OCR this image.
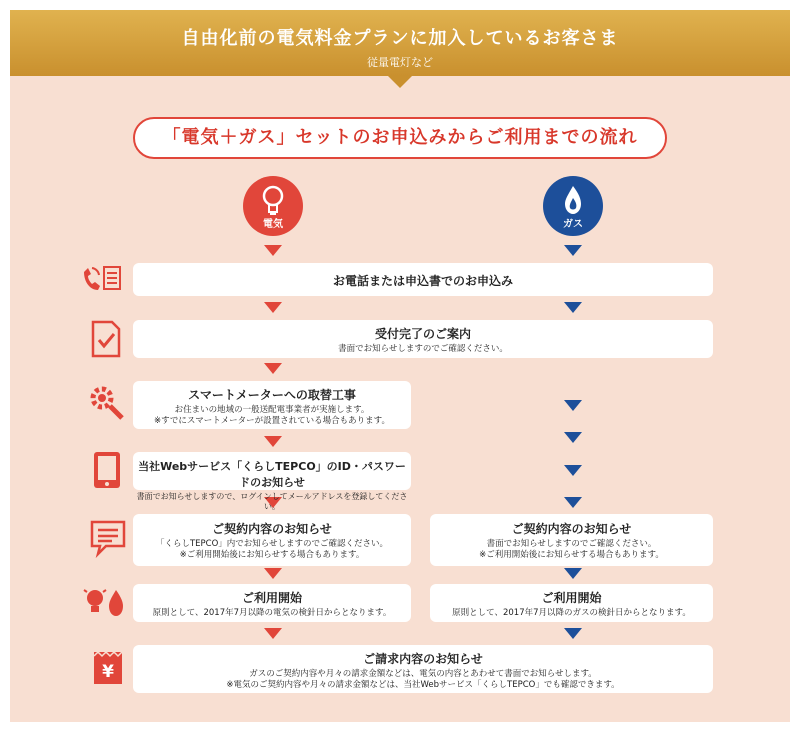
自由化前の電気料金プランに加入しているお客さま
従量電灯など
「電気＋ガス」セットのお申込みからご利用までの流れ
電気	ガス
¥
お電話または申込書でのお申込み
受付完了のご案内
書面でお知らせしますのでご確認ください。
スマートメーターへの取替工事
お住まいの地域の一般送配電事業者が実施します。
※すでにスマートメーターが設置されている場合もあります。
当社Webサービス「くらしTEPCO」のID・パスワードのお知らせ
書面でお知らせしますので、ログインしてメールアドレスを登録してください。
ご契約内容のお知らせ
「くらしTEPCO」内でお知らせしますのでご確認ください。
※ご利用開始後にお知らせする場合もあります。
ご契約内容のお知らせ
書面でお知らせしますのでご確認ください。
※ご利用開始後にお知らせする場合もあります。
ご利用開始
原則として、2017年7月以降の電気の検針日からとなります。
ご利用開始
原則として、2017年7月以降のガスの検針日からとなります。
ご請求内容のお知らせ
ガスのご契約内容や月々の請求金額などは、電気の内容とあわせて書面でお知らせします。
※電気のご契約内容や月々の請求金額などは、当社Webサービス「くらしTEPCO」でも確認できます。
